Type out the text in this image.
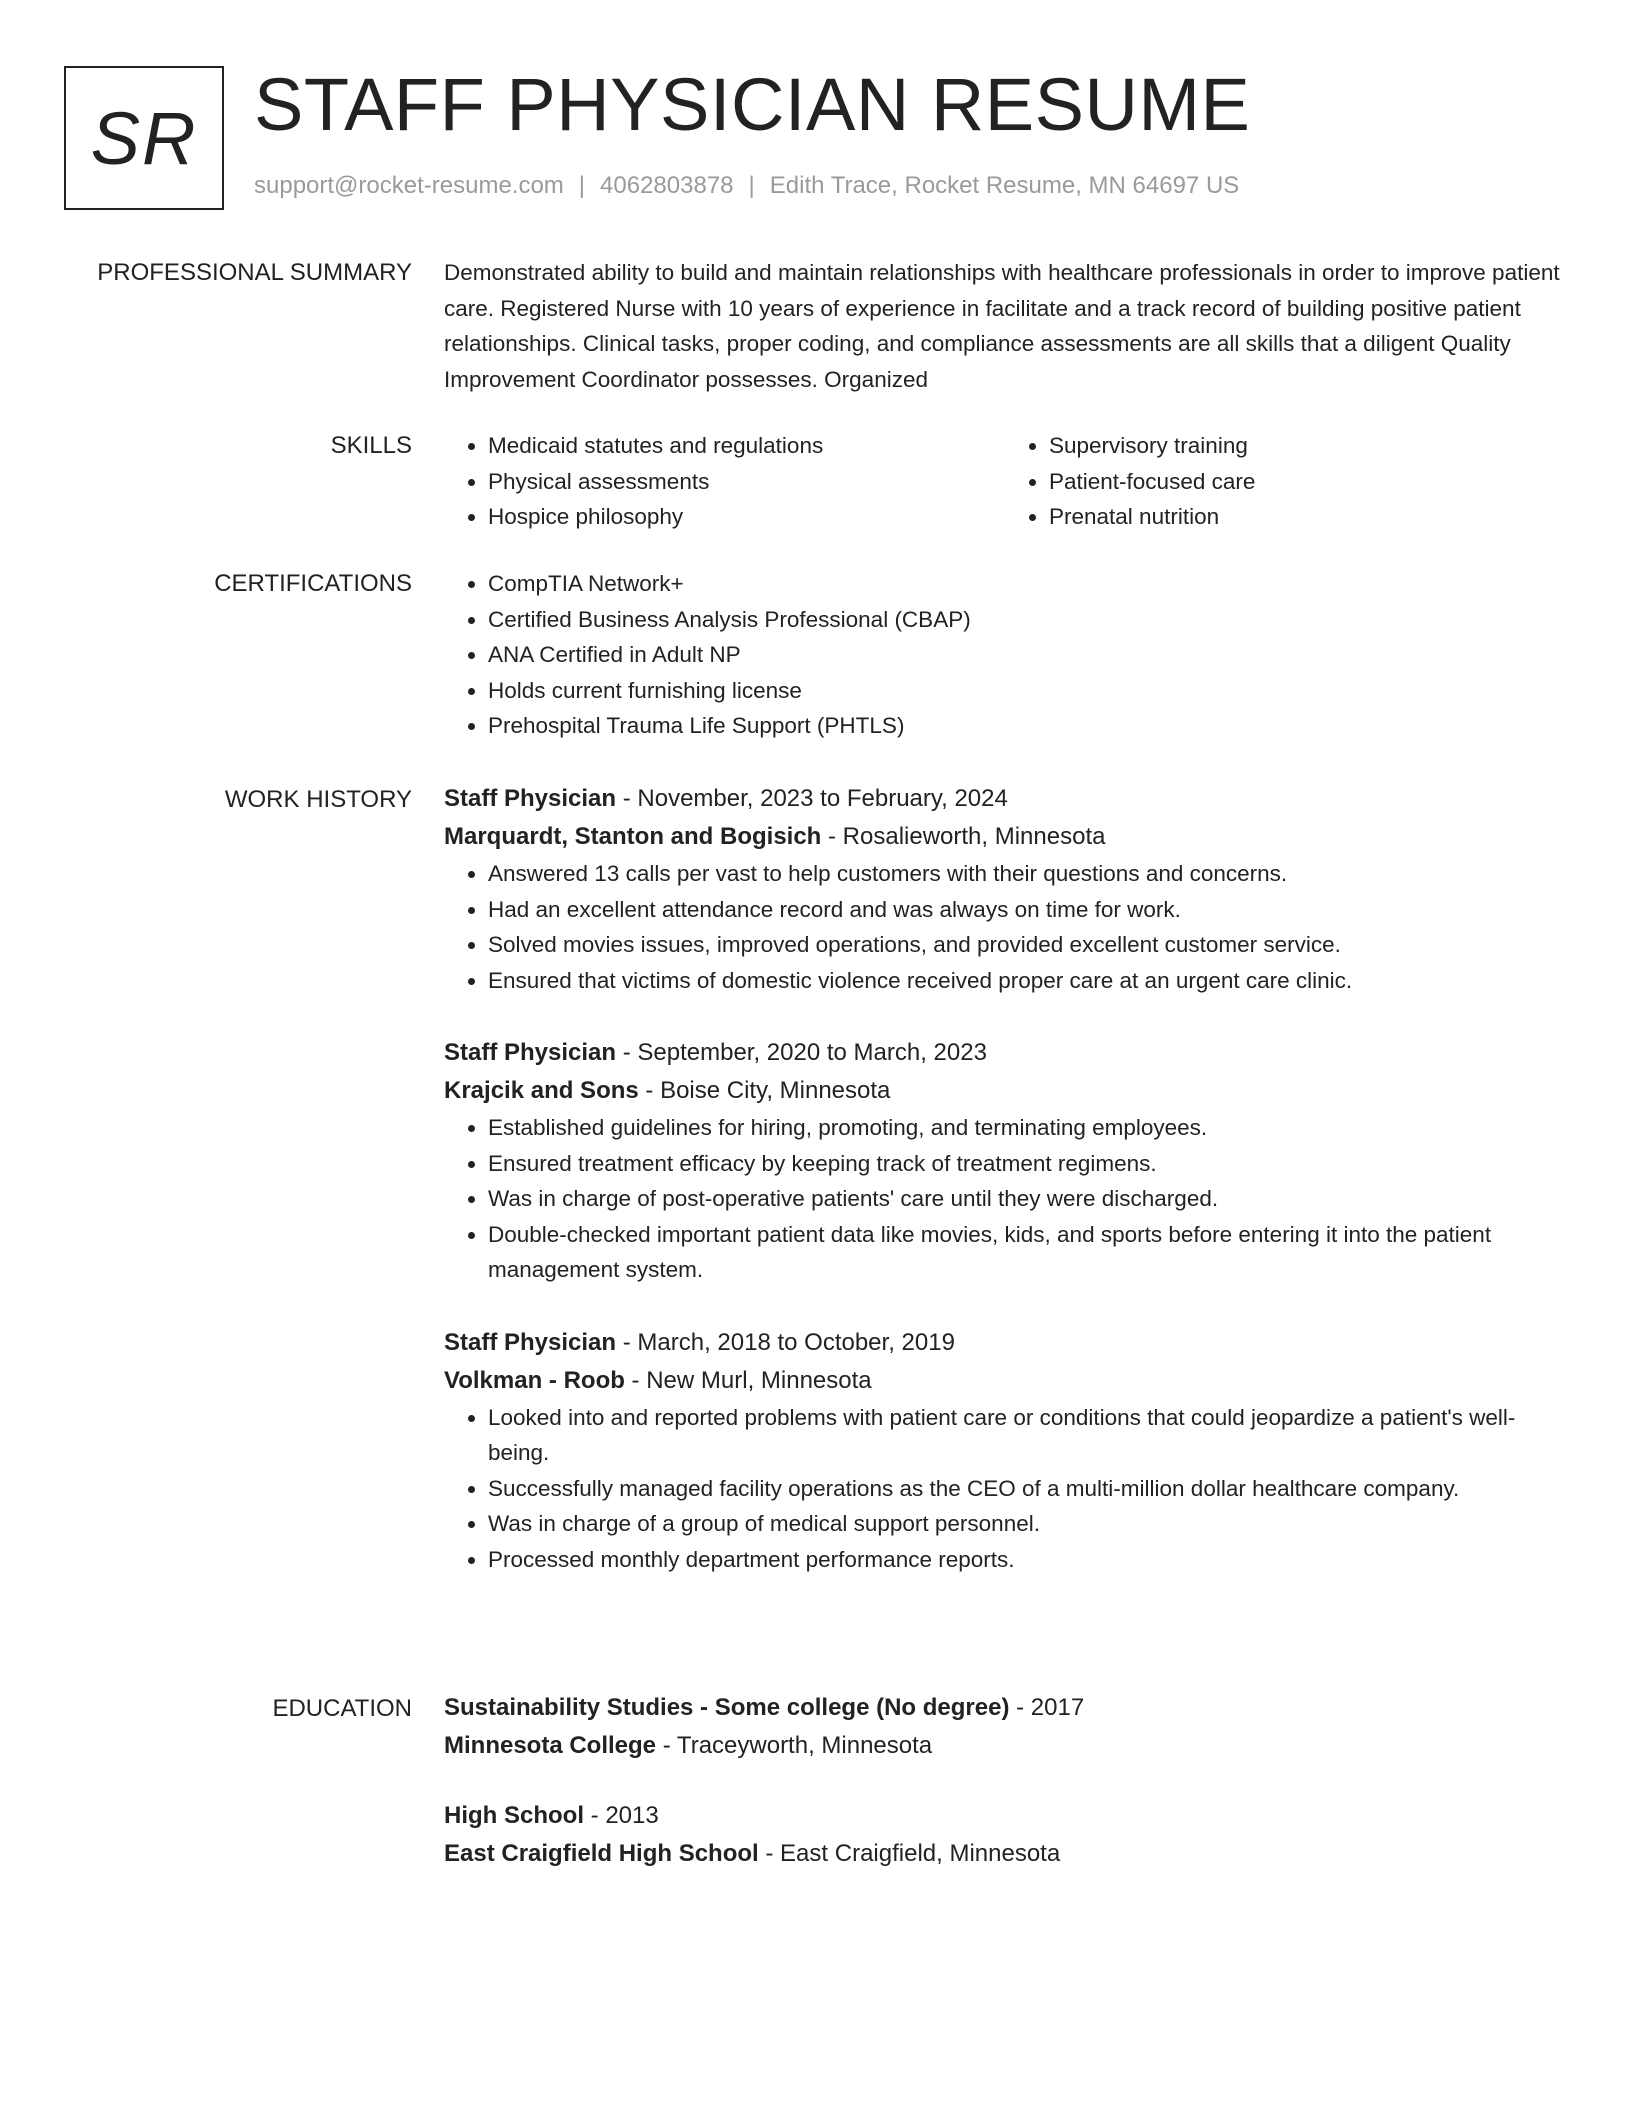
SR STAFF PHYSICIAN RESUME
support@rocket-resume.com | 4062803878 | Edith Trace, Rocket Resume, MN 64697 US
PROFESSIONAL SUMMARY Demonstrated ability to build and maintain relationships with healthcare professionals in order to improve patient care. Registered Nurse with 10 years of experience in facilitate and a track record of building positive patient relationships. Clinical tasks, proper coding, and compliance assessments are all skills that a diligent Quality Improvement Coordinator possesses. Organized

SKILLS	• Medicaid statutes and regulations
• Physical assessments
• Hospice philosophy
• Supervisory training
• Patient-focused care
• Prenatal nutrition
CERTIFICATIONS	• CompTIA Network+
• Certified Business Analysis Professional (CBAP)
• ANA Certified in Adult NP
• Holds current furnishing license
• Prehospital Trauma Life Support (PHTLS)
WORK HISTORY Staff Physician - November, 2023 to February, 2024
Marquardt, Stanton and Bogisich - Rosalieworth, Minnesota
• Answered 13 calls per vast to help customers with their questions and concerns.
• Had an excellent attendance record and was always on time for work.
• Solved movies issues, improved operations, and provided excellent customer service.
• Ensured that victims of domestic violence received proper care at an urgent care clinic.
Staff Physician - September, 2020 to March, 2023
Krajcik and Sons - Boise City, Minnesota
• Established guidelines for hiring, promoting, and terminating employees.
• Ensured treatment efficacy by keeping track of treatment regimens.
• Was in charge of post-operative patients' care until they were discharged.
• Double-checked important patient data like movies, kids, and sports before entering it into the patient management system.
Staff Physician - March, 2018 to October, 2019
Volkman - Roob - New Murl, Minnesota
• Looked into and reported problems with patient care or conditions that could jeopardize a patient's well-being.
• Successfully managed facility operations as the CEO of a multi-million dollar healthcare company.
• Was in charge of a group of medical support personnel.
• Processed monthly department performance reports.
EDUCATION Sustainability Studies - Some college (No degree) - 2017
Minnesota College - Traceyworth, Minnesota
High School - 2013
East Craigfield High School - East Craigfield, Minnesota
